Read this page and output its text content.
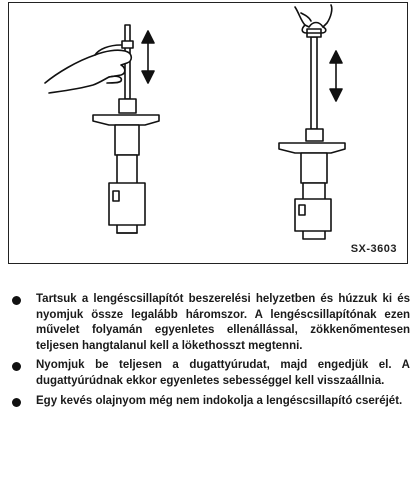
SX-3603
Tartsuk a lengéscsillapítót beszerelési helyzetben és húzzuk ki és nyomjuk össze legalább háromszor. A lengéscsillapítónak ezen művelet folyamán egyenletes ellenállással, zökkenőmentesen teljesen hangtalanul kell a lökethosszt megtenni.
Nyomjuk be teljesen a dugattyúrudat, majd engedjük el. A dugattyúrúdnak ekkor egyenletes sebességgel kell visszaállnia.
Egy kevés olajnyom még nem indokolja a lengéscsillapító cseréjét.
